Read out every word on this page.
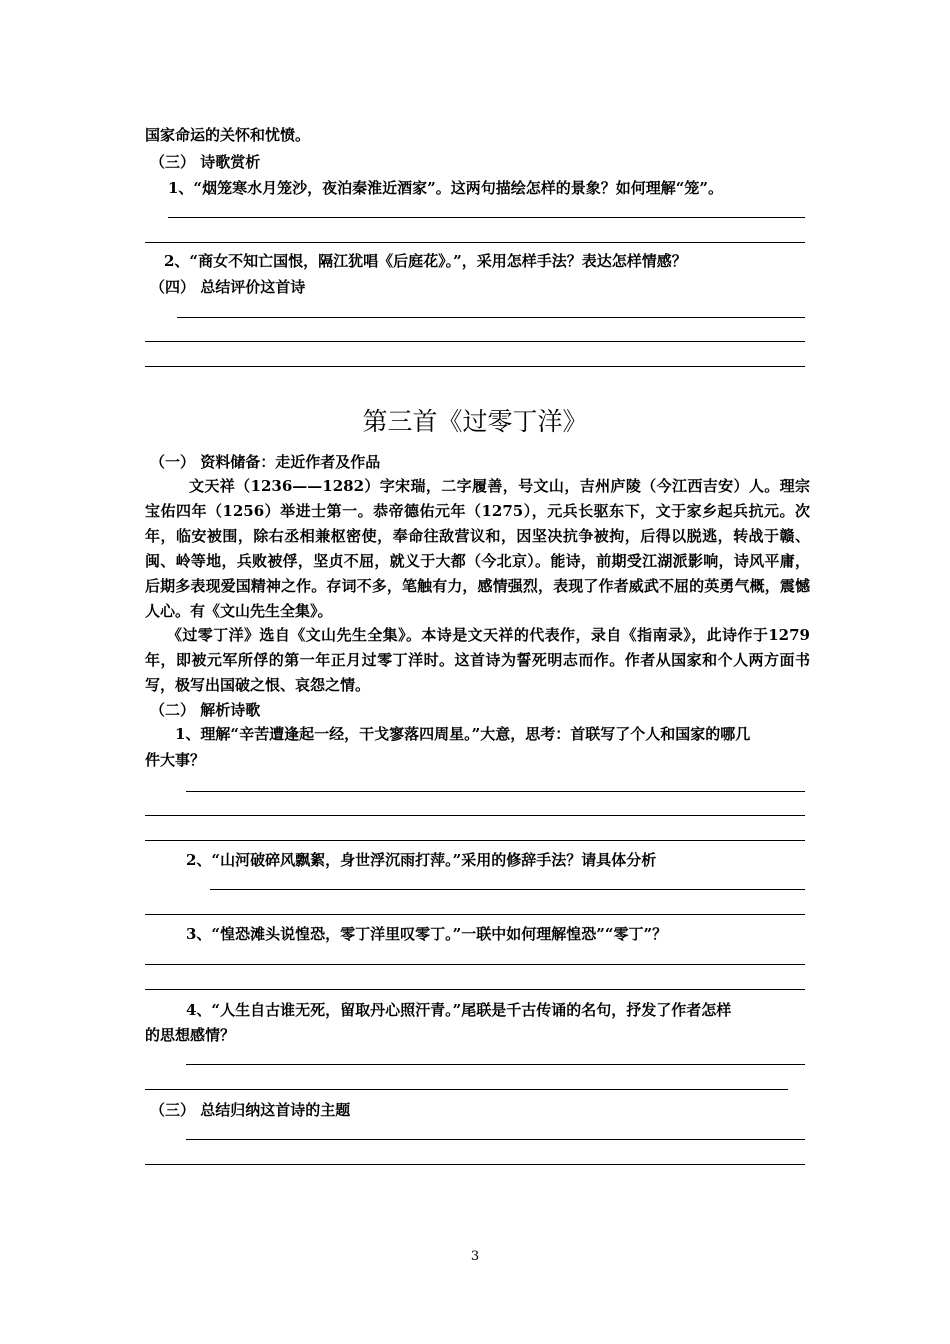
国家命运的关怀和忧愤。
（三） 诗歌赏析
1、“烟笼寒水月笼沙，夜泊秦淮近酒家”。这两句描绘怎样的景象？如何理解“笼”。
2、“商女不知亡国恨，隔江犹唱《后庭花》。”，采用怎样手法？表达怎样情感？
（四） 总结评价这首诗
第三首《过零丁洋》
（一） 资料储备：走近作者及作品
文天祥（1236——1282）字宋瑞，二字履善，号文山，吉州庐陵（今江西吉安）人。理宗宝佑四年（1256）举进士第一。恭帝德佑元年（1275），元兵长驱东下，文于家乡起兵抗元。次年，临安被围，除右丞相兼枢密使，奉命往敌营议和，因坚决抗争被拘，后得以脱逃，转战于赣、闽、岭等地，兵败被俘，坚贞不屈，就义于大都（今北京）。能诗，前期受江湖派影响，诗风平庸，后期多表现爱国精神之作。存词不多，笔触有力，感情强烈，表现了作者威武不屈的英勇气概，震憾人心。有《文山先生全集》。
《过零丁洋》选自《文山先生全集》。本诗是文天祥的代表作，录自《指南录》，此诗作于1279年，即被元军所俘的第一年正月过零丁洋时。这首诗为誓死明志而作。作者从国家和个人两方面书写，极写出国破之恨、哀怨之情。
（二） 解析诗歌
1、理解“辛苦遭逢起一经，干戈寥落四周星。”大意，思考：首联写了个人和国家的哪几
件大事？
2、“山河破碎风飘絮，身世浮沉雨打萍。”采用的修辞手法？请具体分析
3、“惶恐滩头说惶恐，零丁洋里叹零丁。”一联中如何理解惶恐”“零丁”？
4、“人生自古谁无死，留取丹心照汗青。”尾联是千古传诵的名句，抒发了作者怎样
的思想感情？
（三） 总结归纳这首诗的主题
3
